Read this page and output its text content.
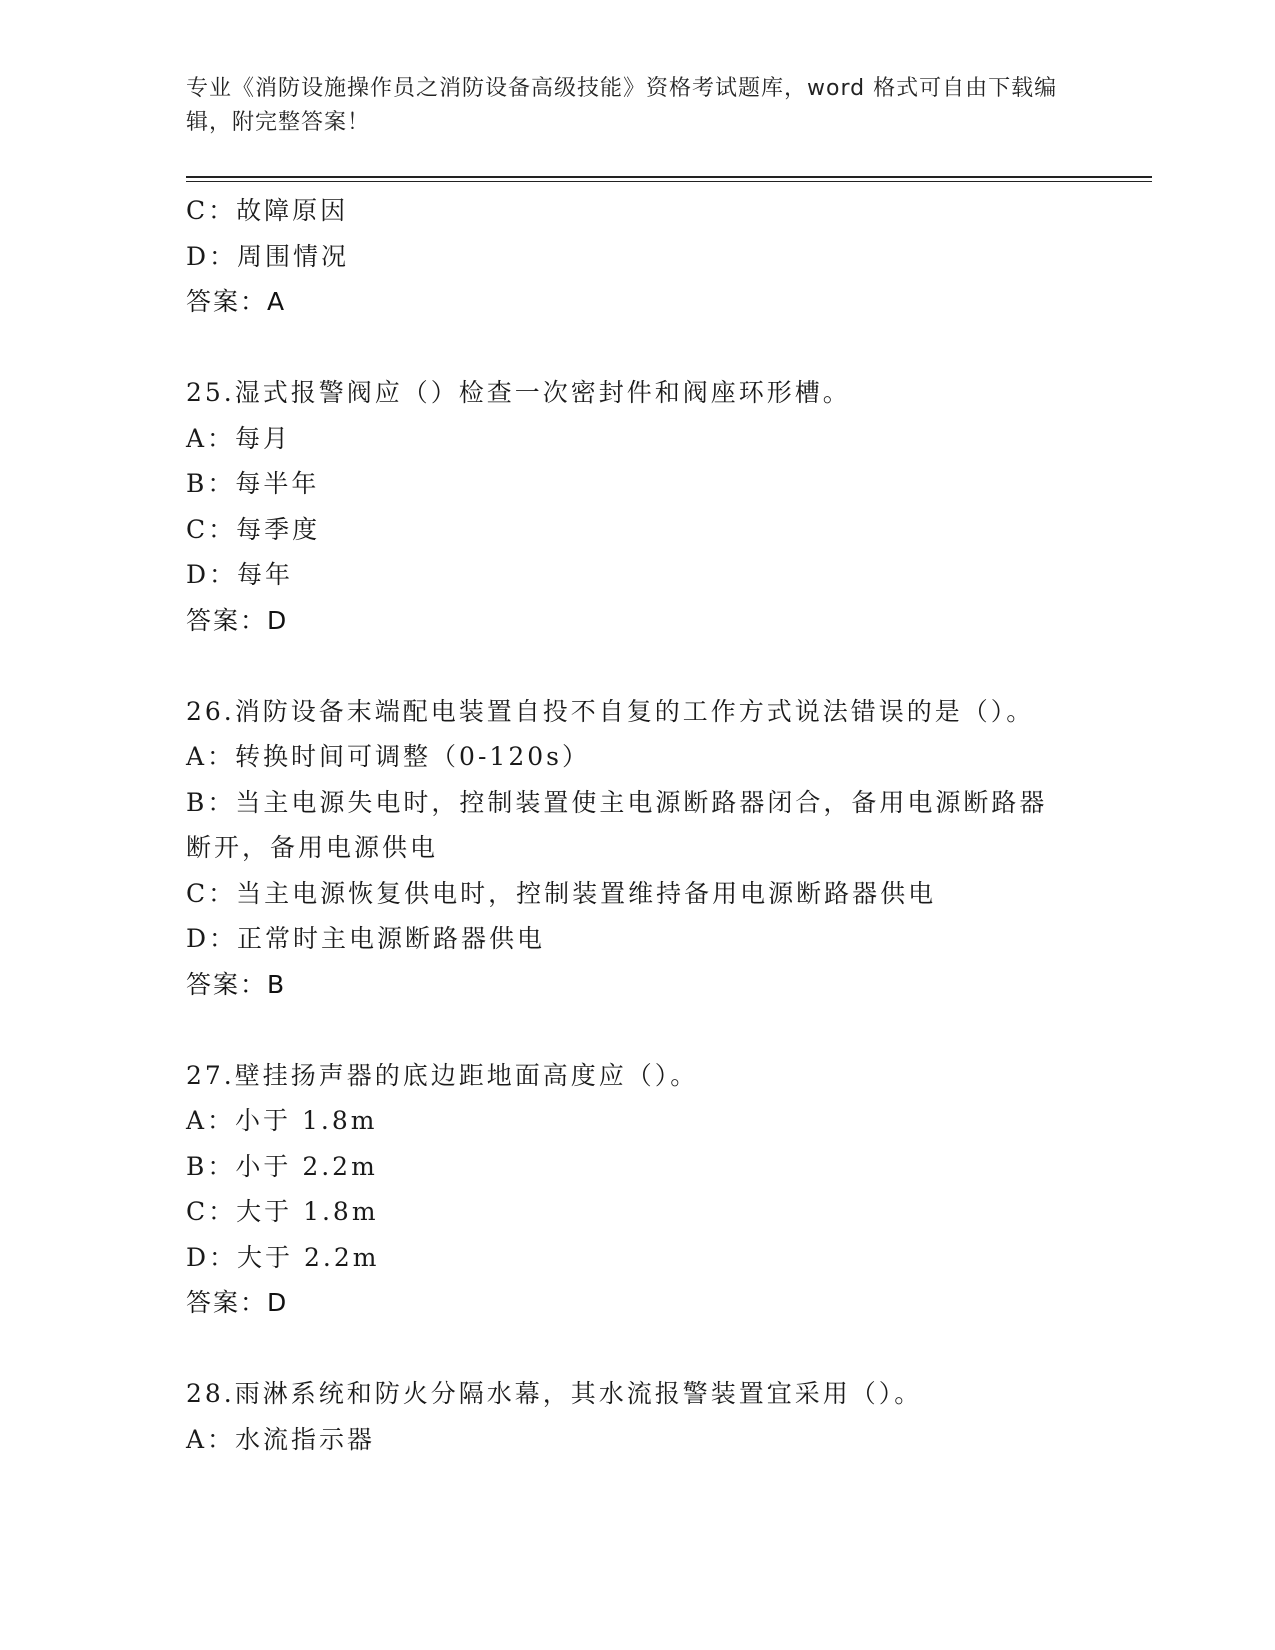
专业《消防设施操作员之消防设备高级技能》资格考试题库，word 格式可自由下载编辑，附完整答案！
C：故障原因
D：周围情况
答案：A
25.湿式报警阀应（）检查一次密封件和阀座环形槽。
A：每月
B：每半年
C：每季度
D：每年
答案：D
26.消防设备末端配电装置自投不自复的工作方式说法错误的是（）。
A：转换时间可调整（0-120s）
B：当主电源失电时，控制装置使主电源断路器闭合，备用电源断路器断开，备用电源供电
C：当主电源恢复供电时，控制装置维持备用电源断路器供电
D：正常时主电源断路器供电
答案：B
27.壁挂扬声器的底边距地面高度应（）。
A：小于 1.8m
B：小于 2.2m
C：大于 1.8m
D：大于 2.2m
答案：D
28.雨淋系统和防火分隔水幕，其水流报警装置宜采用（）。
A：水流指示器
